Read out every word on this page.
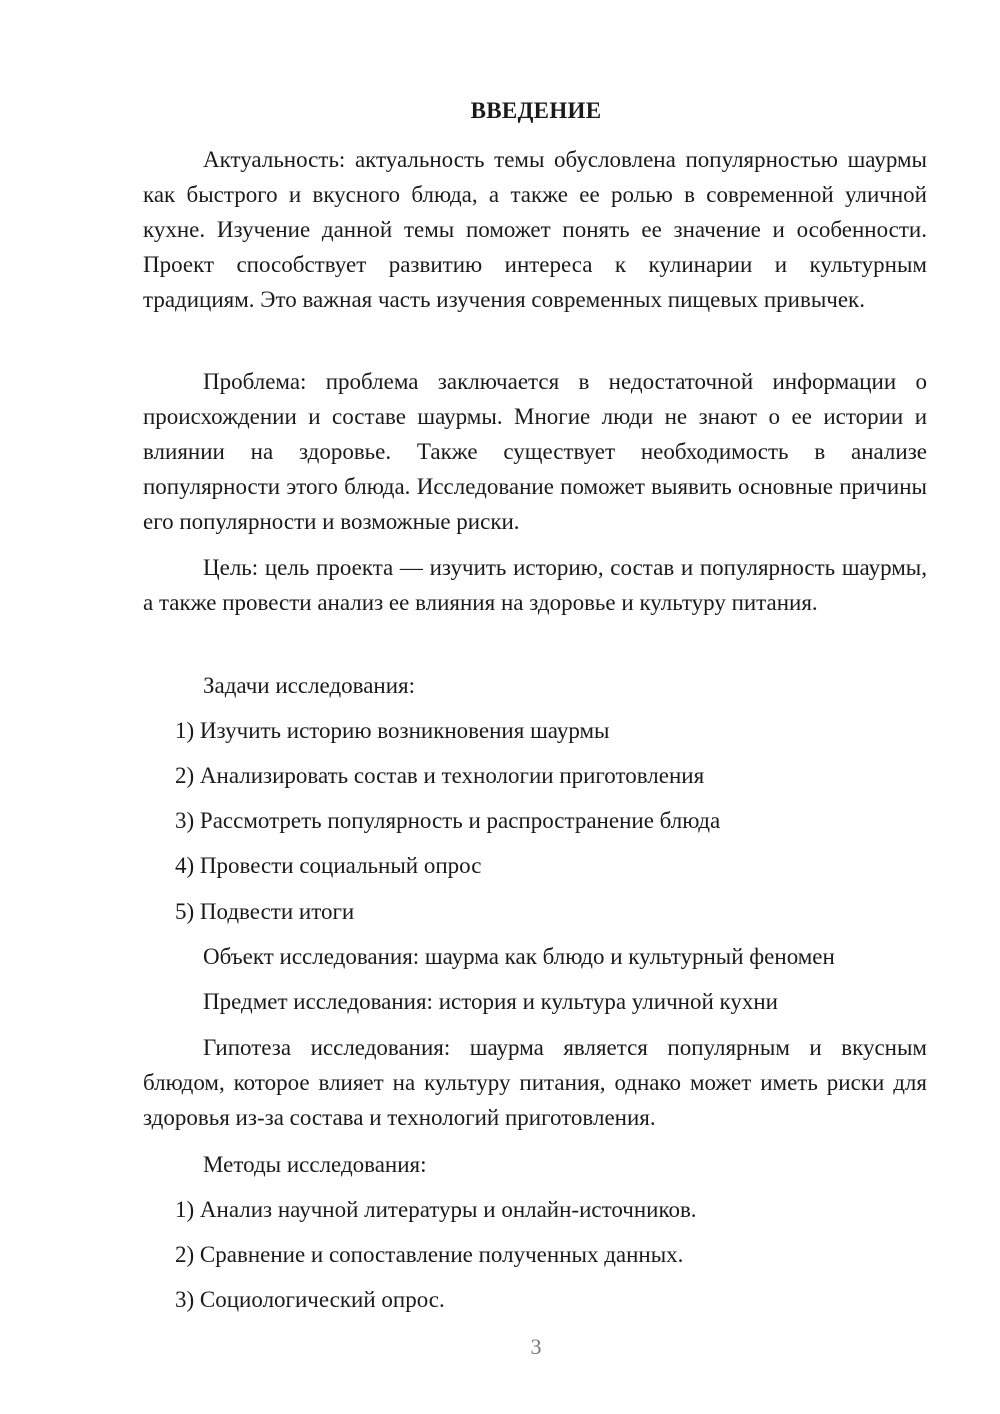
ВВЕДЕНИЕ

Актуальность: актуальность темы обусловлена популярностью шаурмы как быстрого и вкусного блюда, а также ее ролью в современной уличной кухне. Изучение данной темы поможет понять ее значение и особенности. Проект способствует развитию интереса к кулинарии и культурным традициям. Это важная часть изучения современных пищевых привычек.

Проблема: проблема заключается в недостаточной информации о происхождении и составе шаурмы. Многие люди не знают о ее истории и влиянии на здоровье. Также существует необходимость в анализе популярности этого блюда. Исследование поможет выявить основные причины его популярности и возможные риски.

Цель: цель проекта — изучить историю, состав и популярность шаурмы, а также провести анализ ее влияния на здоровье и культуру питания.

Задачи исследования:

1) Изучить историю возникновения шаурмы

2) Анализировать состав и технологии приготовления

3) Рассмотреть популярность и распространение блюда

4) Провести социальный опрос

5) Подвести итоги

Объект исследования: шаурма как блюдо и культурный феномен

Предмет исследования: история и культура уличной кухни

Гипотеза исследования: шаурма является популярным и вкусным блюдом, которое влияет на культуру питания, однако может иметь риски для здоровья из-за состава и технологий приготовления.

Методы исследования:

1) Анализ научной литературы и онлайн-источников.

2) Сравнение и сопоставление полученных данных.

3) Социологический опрос.

3
